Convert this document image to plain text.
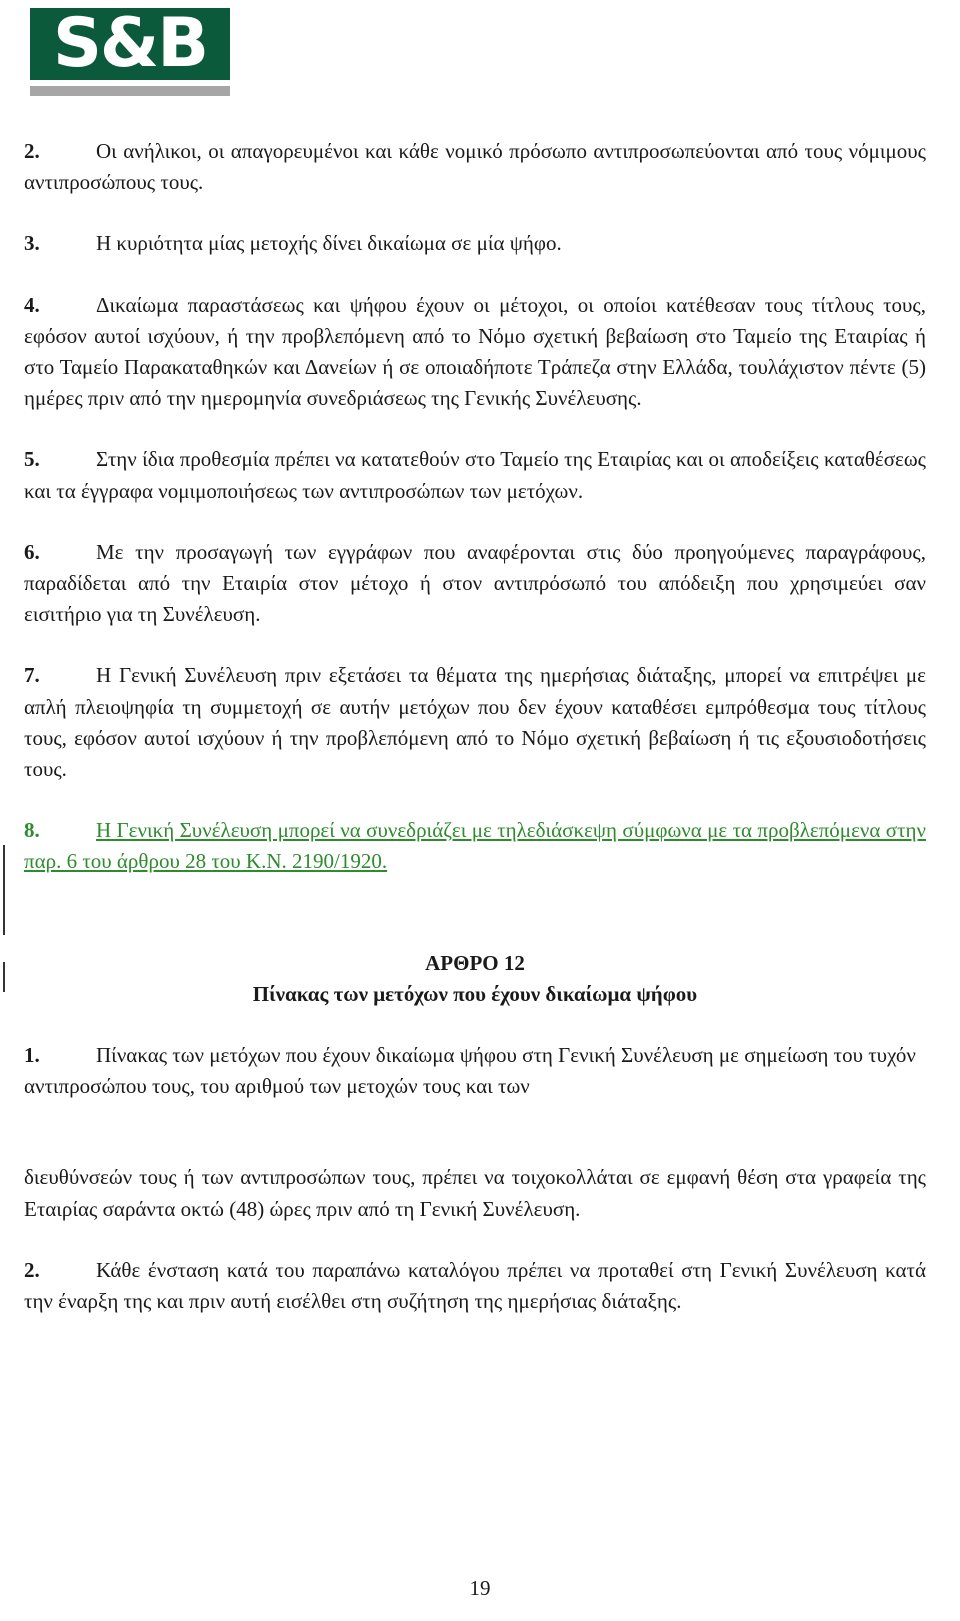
S&B

2.	Οι ανήλικοι, οι απαγορευμένοι και κάθε νομικό πρόσωπο αντιπροσωπεύονται από τους νόμιμους αντιπροσώπους τους.

3.	Η κυριότητα μίας μετοχής δίνει δικαίωμα σε μία ψήφο.

4.	Δικαίωμα παραστάσεως και ψήφου έχουν οι μέτοχοι, οι οποίοι κατέθεσαν τους τίτλους τους, εφόσον αυτοί ισχύουν, ή την προβλεπόμενη από το Νόμο σχετική βεβαίωση στο Ταμείο της Εταιρίας ή στο Ταμείο Παρακαταθηκών και Δανείων ή σε οποιαδήποτε Τράπεζα στην Ελλάδα, τουλάχιστον πέντε (5) ημέρες πριν από την ημερομηνία συνεδριάσεως της Γενικής Συνέλευσης.

5.	Στην ίδια προθεσμία πρέπει να κατατεθούν στο Ταμείο της Εταιρίας και οι αποδείξεις καταθέσεως και τα έγγραφα νομιμοποιήσεως των αντιπροσώπων των μετόχων.

6.	Με την προσαγωγή των εγγράφων που αναφέρονται στις δύο προηγούμενες παραγράφους, παραδίδεται από την Εταιρία στον μέτοχο ή στον αντιπρόσωπό του απόδειξη που χρησιμεύει σαν εισιτήριο για τη Συνέλευση.

7.	Η Γενική Συνέλευση πριν εξετάσει τα θέματα της ημερήσιας διάταξης, μπορεί να επιτρέψει με απλή πλειοψηφία τη συμμετοχή σε αυτήν μετόχων που δεν έχουν καταθέσει εμπρόθεσμα τους τίτλους τους, εφόσον αυτοί ισχύουν ή την προβλεπόμενη από το Νόμο σχετική βεβαίωση ή τις εξουσιοδοτήσεις τους.

8.	Η Γενική Συνέλευση μπορεί να συνεδριάζει με τηλεδιάσκεψη σύμφωνα με τα προβλεπόμενα στην παρ. 6 του άρθρου 28 του Κ.Ν. 2190/1920.

ΑΡΘΡΟ 12

Πίνακας των μετόχων που έχουν δικαίωμα ψήφου

1.	Πίνακας των μετόχων που έχουν δικαίωμα ψήφου στη Γενική Συνέλευση με σημείωση του τυχόν αντιπροσώπου τους, του αριθμού των μετοχών τους και των

διευθύνσεών τους ή των αντιπροσώπων τους, πρέπει να τοιχοκολλάται σε εμφανή θέση στα γραφεία της Εταιρίας σαράντα οκτώ (48) ώρες πριν από τη Γενική Συνέλευση.

2.	Κάθε ένσταση κατά του παραπάνω καταλόγου πρέπει να προταθεί στη Γενική Συνέλευση κατά την έναρξη της και πριν αυτή εισέλθει στη συζήτηση της ημερήσιας διάταξης.

19
